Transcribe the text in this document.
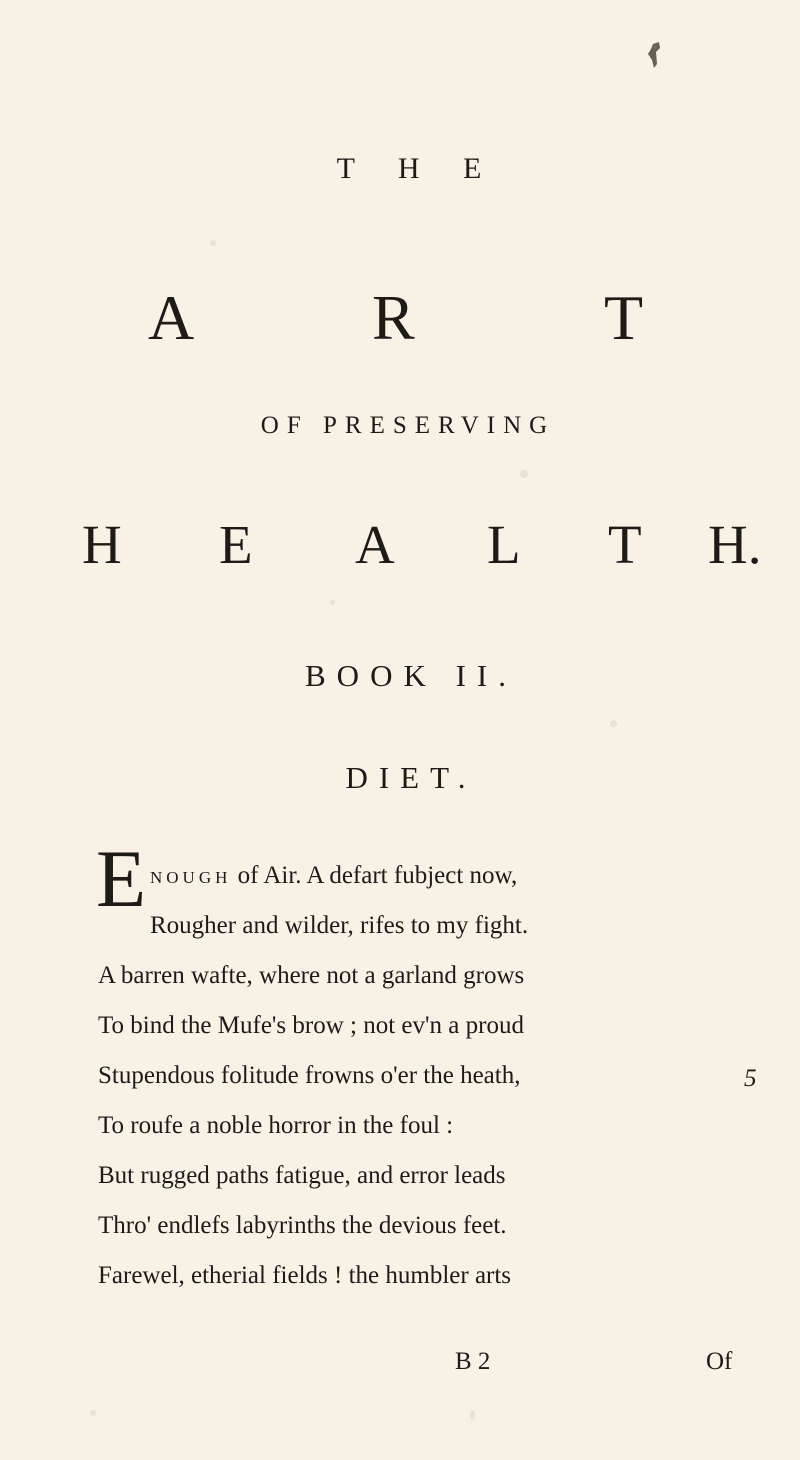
T H E
A	R	T
OF PRESERVING
H E A L T H.
BOOK II.
DIET.
E NOUGH of Air. A defart fubject now,
Rougher and wilder, rifes to my fight.
A barren wafte, where not a garland grows
To bind the Mufe's brow ; not ev'n a proud
Stupendous folitude frowns o'er the heath,	5
To roufe a noble horror in the foul :
But rugged paths fatigue, and error leads
Thro' endlefs labyrinths the devious feet.
Farewel, etherial fields ! the humbler arts
B 2	Of
